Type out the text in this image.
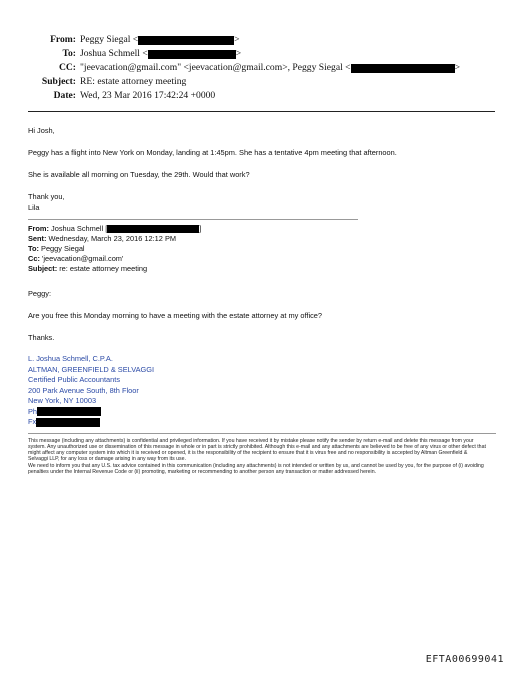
From: Peggy Siegal <	>
To: Joshua Schmell <	>
CC: "jeevacation@gmail.com" <jeevacation@gmail.com>, Peggy Siegal <	>
Subject: RE: estate attorney meeting
Date: Wed, 23 Mar 2016 17:42:24 +0000

Hi Josh,

Peggy has a flight into New York on Monday, landing at 1:45pm. She has a tentative 4pm meeting that afternoon.

She is available all morning on Tuesday, the 29th. Would that work?

Thank you,
Lila
From:
Joshua Schmell [	]
Sent:
Wednesday, March 23, 2016 12:12 PM
To:
Peggy Siegal
Cc:
'jeevacation@gmail.com'
Subject:
re: estate attorney meeting

Peggy:

Are you free this Monday morning to have a meeting with the estate attorney at my office?

Thanks.

L. Joshua Schmell, C.P.A.
ALTMAN, GREENFIELD & SELVAGGI
Certified Public Accountants
200 Park Avenue South, 8th Floor
New York, NY 10003
Ph
Fx

This message (including any attachments) is confidential and privileged information. If you have received it by mistake please notify the sender by return e-mail and delete this message from your system. Any unauthorized use or dissemination of this message in whole or in part is strictly prohibited. Although this e-mail and any attachments are believed to be free of any virus or other defect that might affect any computer system into which it is received or opened, it is the responsibility of the recipient to ensure that it is virus free and no responsibility is accepted by Altman Greenfield & Selvaggi LLP, for any loss or damage arising in any way from its use.

We need to inform you that any U.S. tax advice contained in this communication (including any attachments) is not intended or written by us, and cannot be used by you, for the purpose of (i) avoiding penalties under the Internal Revenue Code or (ii) promoting, marketing or recommending to another person any transaction or matter addressed herein.

EFTA00699041
